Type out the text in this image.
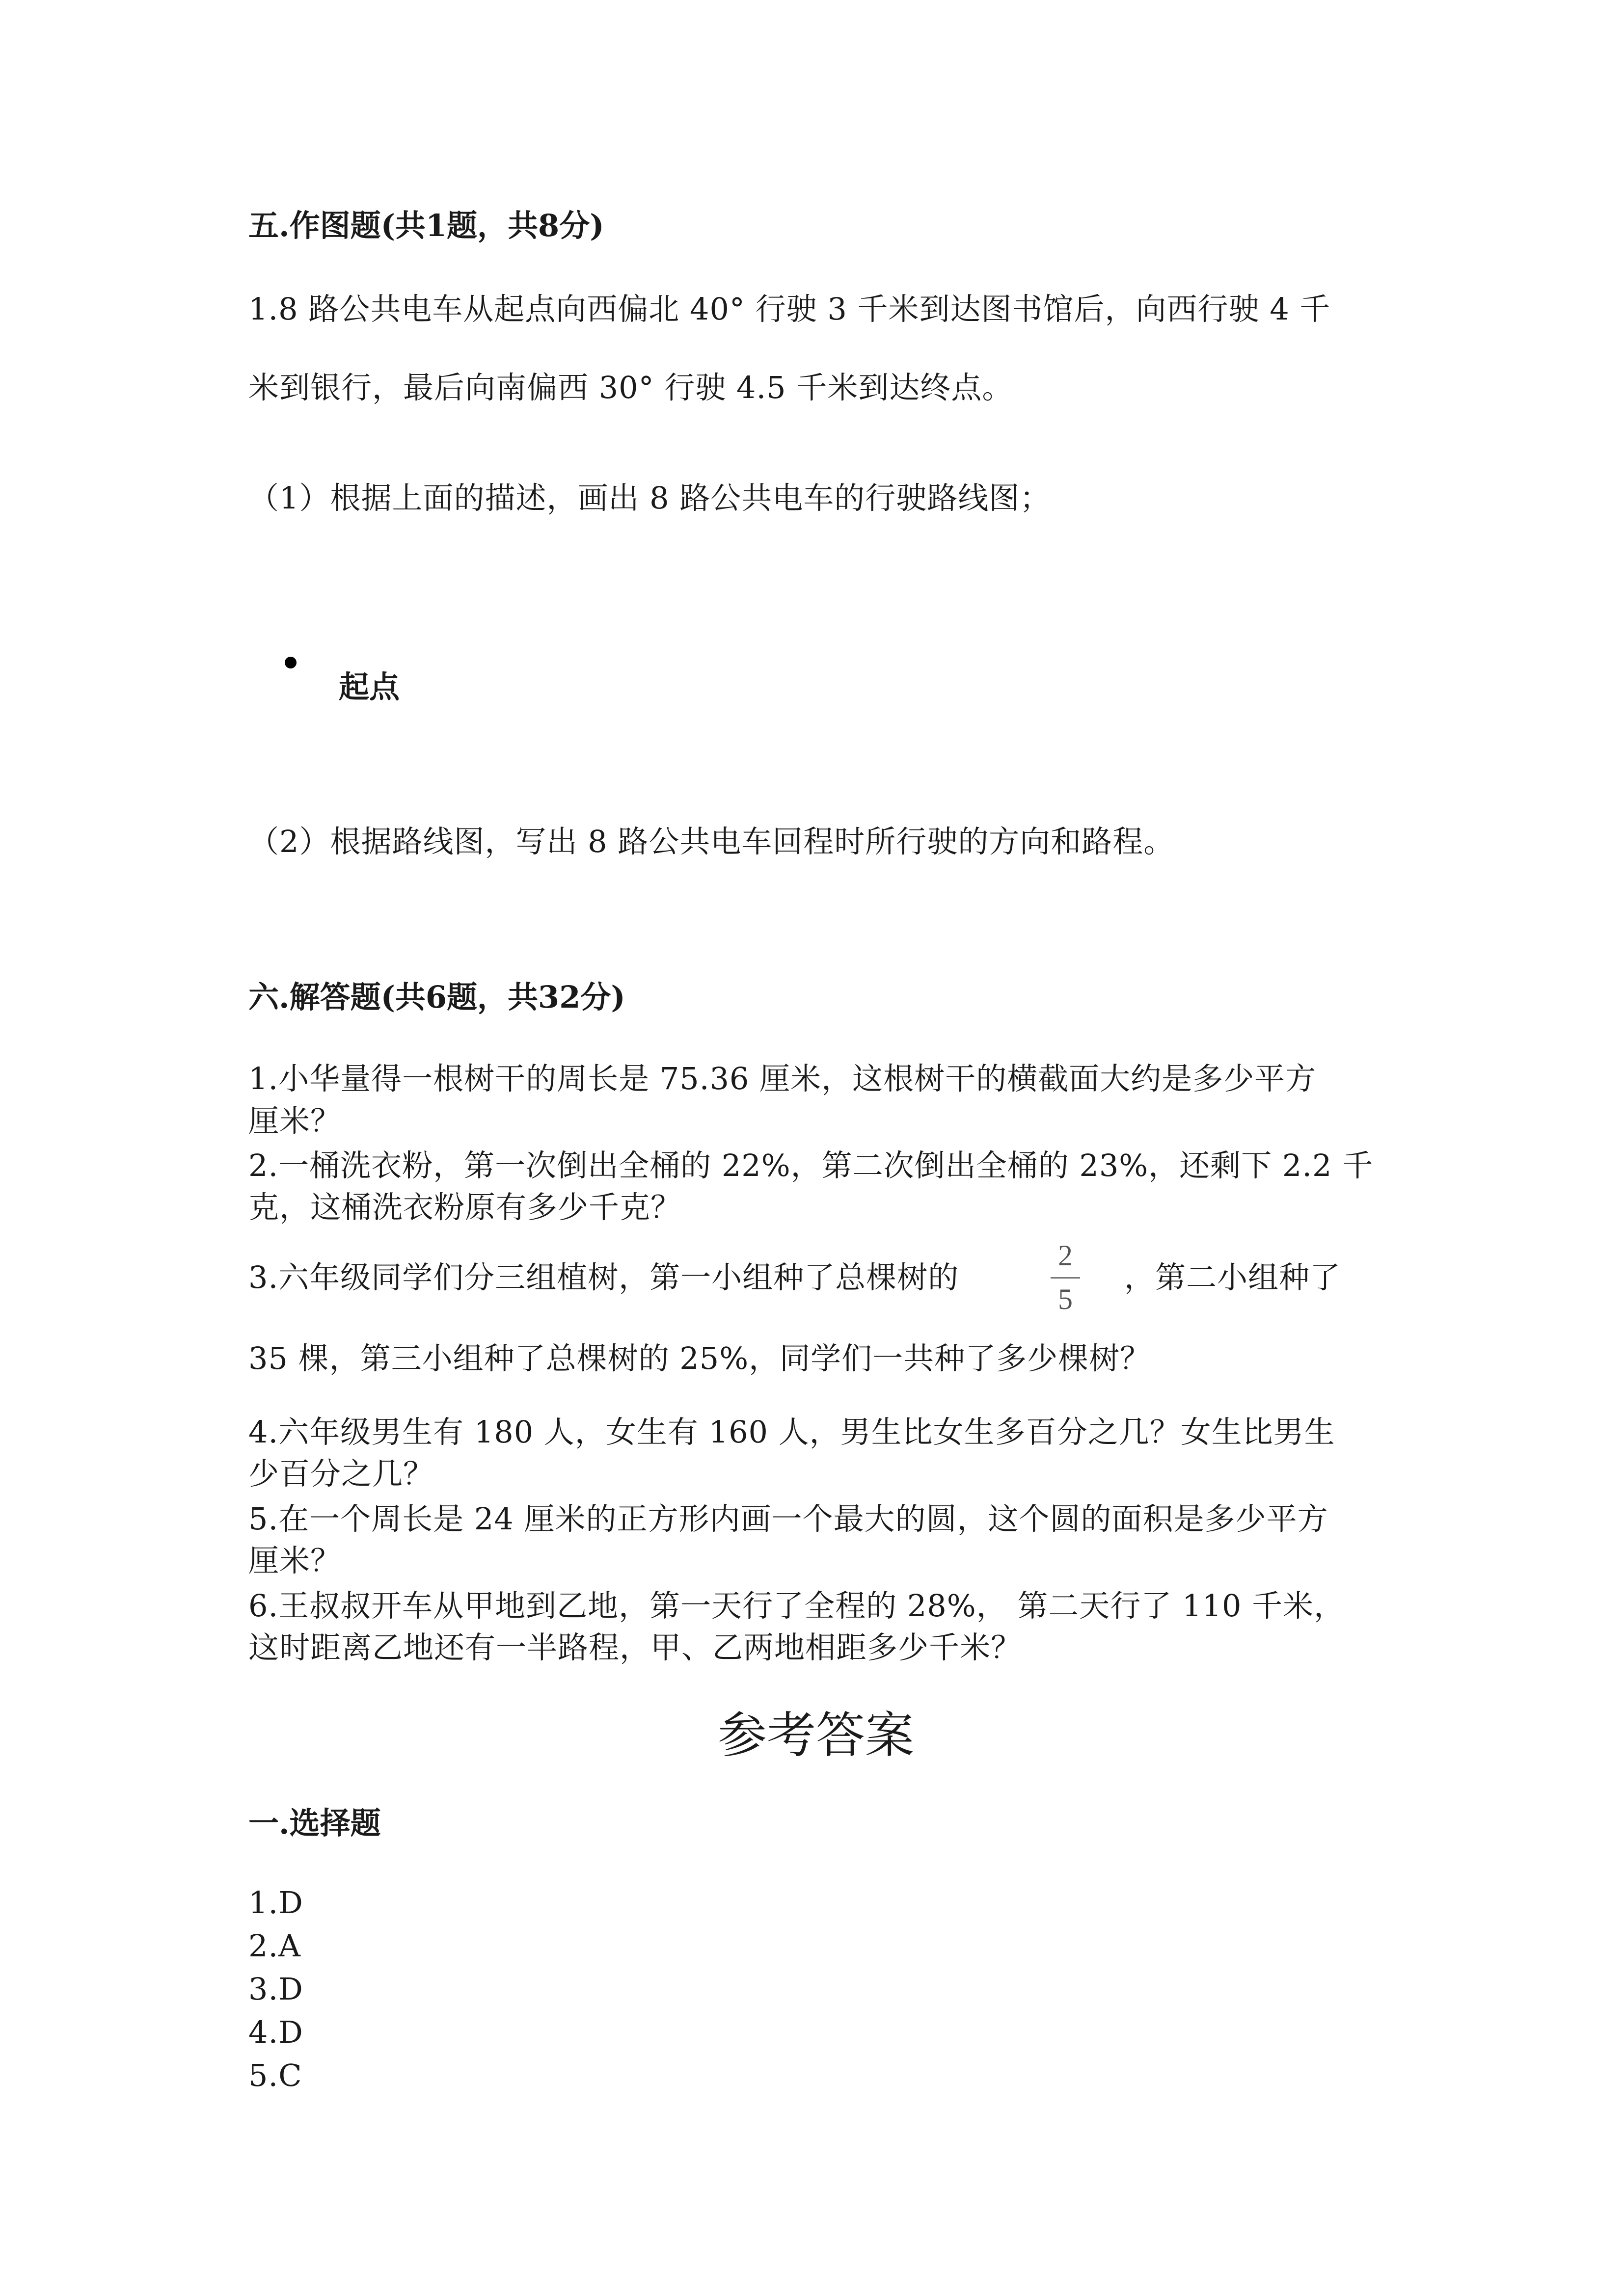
五.作图题(共1题，共8分)
1.8 路公共电车从起点向西偏北 40° 行驶 3 千米到达图书馆后，向西行驶 4 千
米到银行，最后向南偏西 30° 行驶 4.5 千米到达终点。
（1）根据上面的描述，画出 8 路公共电车的行驶路线图；
起点
（2）根据路线图，写出 8 路公共电车回程时所行驶的方向和路程。
六.解答题(共6题，共32分)
1.小华量得一根树干的周长是 75.36 厘米，这根树干的横截面大约是多少平方
厘米？
2.一桶洗衣粉，第一次倒出全桶的 22%，第二次倒出全桶的 23%，还剩下 2.2 千
克，这桶洗衣粉原有多少千克？
3.六年级同学们分三组植树，第一小组种了总棵树的
2
5
，第二小组种了
35 棵，第三小组种了总棵树的 25%，同学们一共种了多少棵树？
4.六年级男生有 180 人，女生有 160 人，男生比女生多百分之几？女生比男生
少百分之几？
5.在一个周长是 24 厘米的正方形内画一个最大的圆，这个圆的面积是多少平方
厘米？
6.王叔叔开车从甲地到乙地，第一天行了全程的 28%， 第二天行了 110 千米，
这时距离乙地还有一半路程，甲、乙两地相距多少千米？
参考答案
一.选择题
1.D
2.A
3.D
4.D
5.C
